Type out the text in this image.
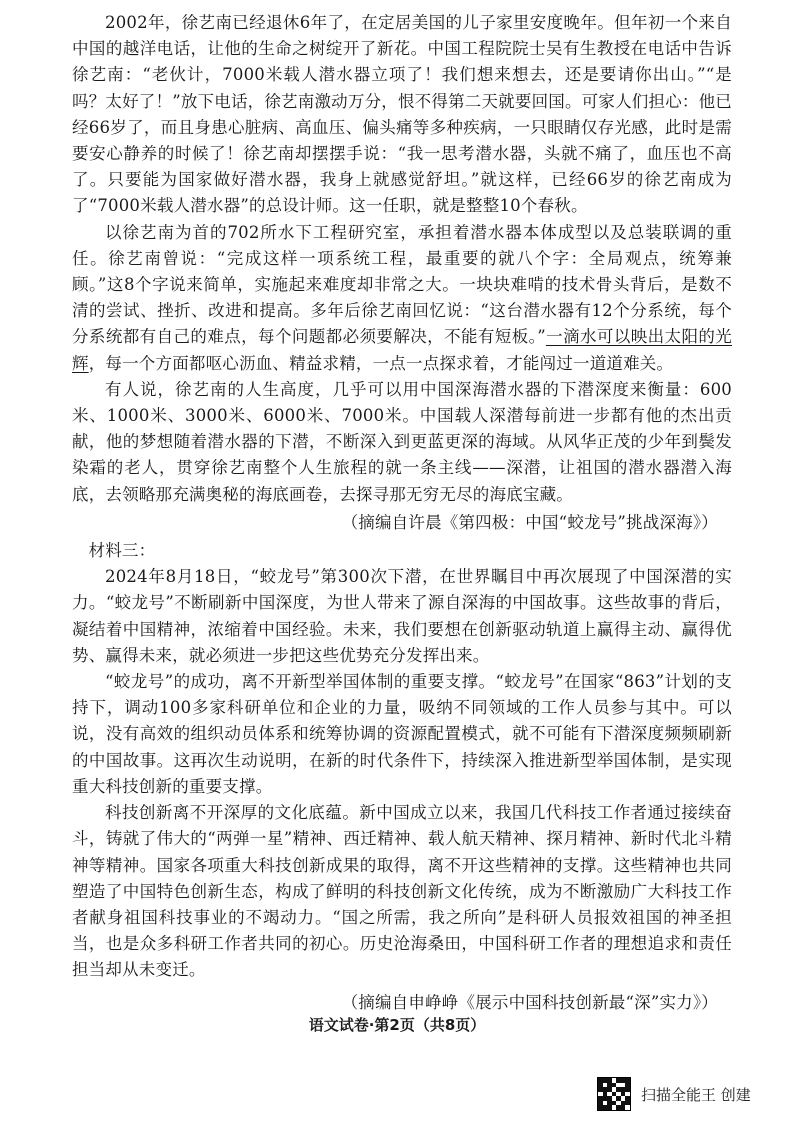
2002年，徐艺南已经退休6年了，在定居美国的儿子家里安度晚年。但年初一个来自中国的越洋电话，让他的生命之树绽开了新花。中国工程院院士吴有生教授在电话中告诉徐艺南：“老伙计，7000米载人潜水器立项了！我们想来想去，还是要请你出山。”“是吗？太好了！”放下电话，徐艺南激动万分，恨不得第二天就要回国。可家人们担心：他已经66岁了，而且身患心脏病、高血压、偏头痛等多种疾病，一只眼睛仅存光感，此时是需要安心静养的时候了！徐艺南却摆摆手说：“我一思考潜水器，头就不痛了，血压也不高了。只要能为国家做好潜水器，我身上就感觉舒坦。”就这样，已经66岁的徐艺南成为了“7000米载人潜水器”的总设计师。这一任职，就是整整10个春秋。

以徐艺南为首的702所水下工程研究室，承担着潜水器本体成型以及总装联调的重任。徐艺南曾说：“完成这样一项系统工程，最重要的就八个字：全局观点，统筹兼顾。”这8个字说来简单，实施起来难度却非常之大。一块块难啃的技术骨头背后，是数不清的尝试、挫折、改进和提高。多年后徐艺南回忆说：“这台潜水器有12个分系统，每个分系统都有自己的难点，每个问题都必须要解决，不能有短板。”一滴水可以映出太阳的光辉，每一个方面都呕心沥血、精益求精，一点一点探求着，才能闯过一道道难关。

有人说，徐艺南的人生高度，几乎可以用中国深海潜水器的下潜深度来衡量：600米、1000米、3000米、6000米、7000米。中国载人深潜每前进一步都有他的杰出贡献，他的梦想随着潜水器的下潜，不断深入到更蓝更深的海域。从风华正茂的少年到鬓发染霜的老人，贯穿徐艺南整个人生旅程的就一条主线——深潜，让祖国的潜水器潜入海底，去领略那充满奥秘的海底画卷，去探寻那无穷无尽的海底宝藏。

（摘编自许晨《第四极：中国“蛟龙号”挑战深海》）

材料三：

2024年8月18日，“蛟龙号”第300次下潜，在世界瞩目中再次展现了中国深潜的实力。“蛟龙号”不断刷新中国深度，为世人带来了源自深海的中国故事。这些故事的背后，凝结着中国精神，浓缩着中国经验。未来，我们要想在创新驱动轨道上赢得主动、赢得优势、赢得未来，就必须进一步把这些优势充分发挥出来。

“蛟龙号”的成功，离不开新型举国体制的重要支撑。“蛟龙号”在国家“863”计划的支持下，调动100多家科研单位和企业的力量，吸纳不同领域的工作人员参与其中。可以说，没有高效的组织动员体系和统筹协调的资源配置模式，就不可能有下潜深度频频刷新的中国故事。这再次生动说明，在新的时代条件下，持续深入推进新型举国体制，是实现重大科技创新的重要支撑。

科技创新离不开深厚的文化底蕴。新中国成立以来，我国几代科技工作者通过接续奋斗，铸就了伟大的“两弹一星”精神、西迁精神、载人航天精神、探月精神、新时代北斗精神等精神。国家各项重大科技创新成果的取得，离不开这些精神的支撑。这些精神也共同塑造了中国特色创新生态，构成了鲜明的科技创新文化传统，成为不断激励广大科技工作者献身祖国科技事业的不竭动力。“国之所需，我之所向”是科研人员报效祖国的神圣担当，也是众多科研工作者共同的初心。历史沧海桑田，中国科研工作者的理想追求和责任担当却从未变迁。

（摘编自申峥峥《展示中国科技创新最“深”实力》）

语文试卷·第2页（共8页）
扫描全能王 创建
